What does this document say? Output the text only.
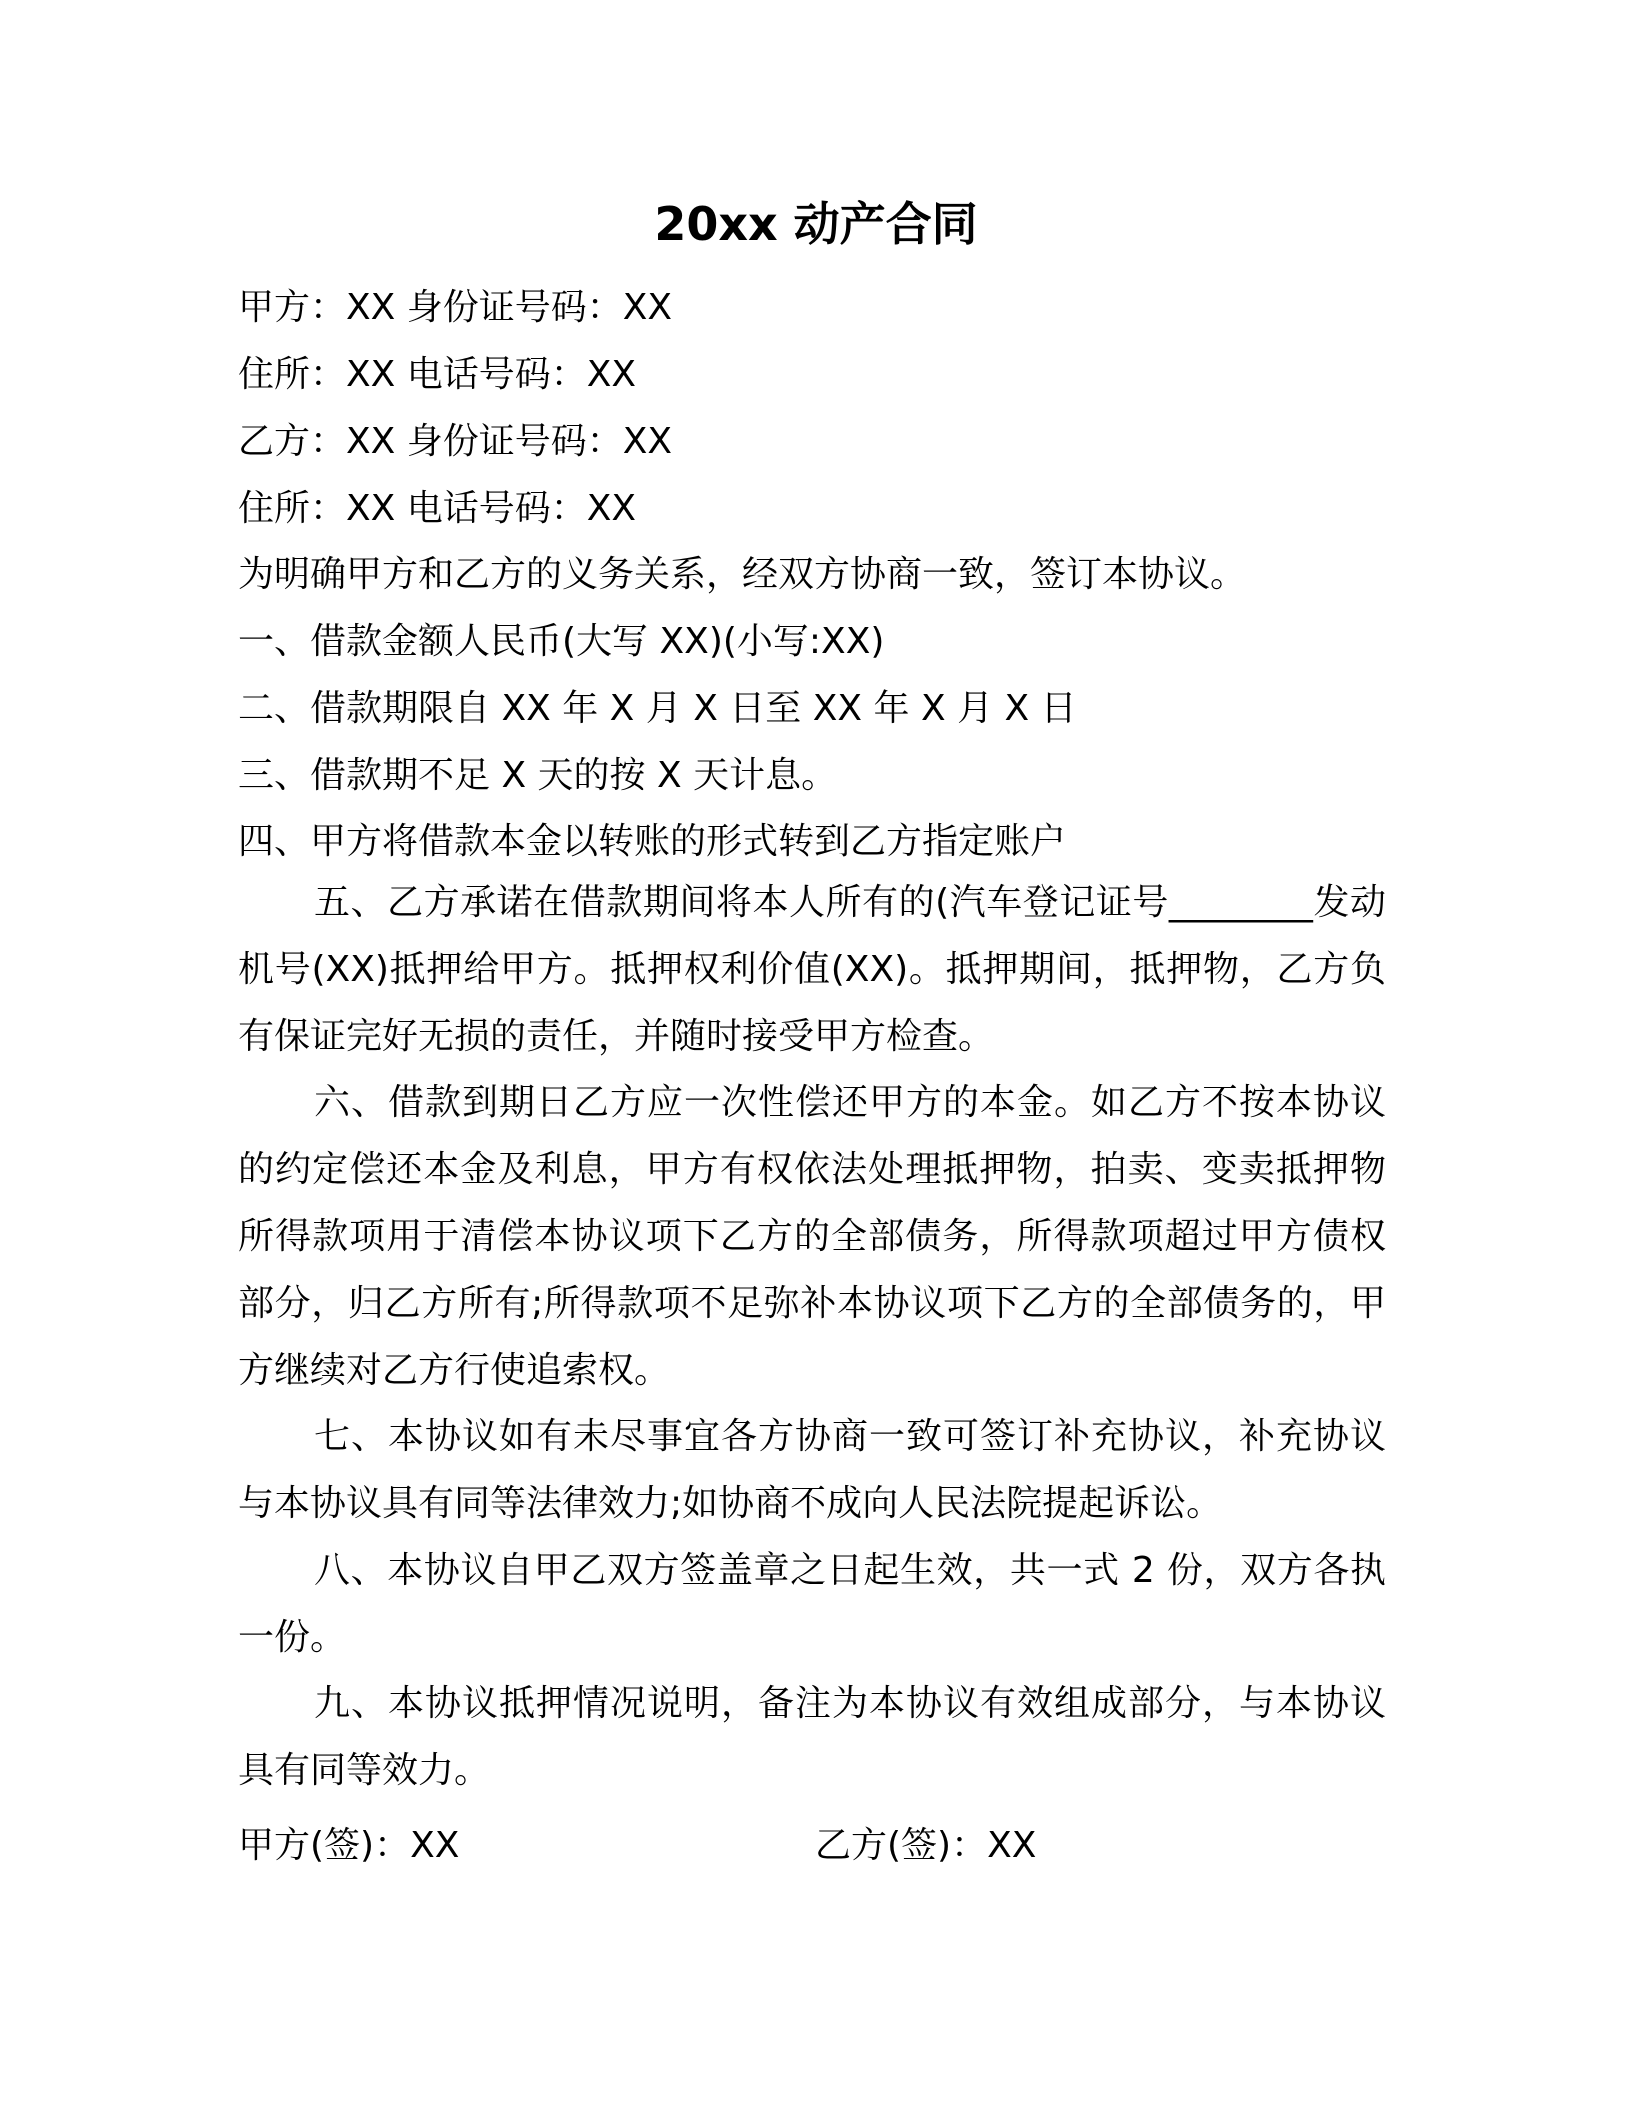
20xx 动产合同
甲方：XX 身份证号码：XX
住所：XX 电话号码：XX
乙方：XX 身份证号码：XX
住所：XX 电话号码：XX
为明确甲方和乙方的义务关系，经双方协商一致，签订本协议。
一、借款金额人民币(大写 XX)(小写:XX)
二、借款期限自 XX 年 X 月 X 日至 XX 年 X 月 X 日
三、借款期不足 X 天的按 X 天计息。
四、甲方将借款本金以转账的形式转到乙方指定账户
五、乙方承诺在借款期间将本人所有的(汽车登记证号________发动机号(XX)抵押给甲方。抵押权利价值(XX)。抵押期间，抵押物，乙方负有保证完好无损的责任，并随时接受甲方检查。
六、借款到期日乙方应一次性偿还甲方的本金。如乙方不按本协议的约定偿还本金及利息，甲方有权依法处理抵押物，拍卖、变卖抵押物所得款项用于清偿本协议项下乙方的全部债务，所得款项超过甲方债权部分，归乙方所有;所得款项不足弥补本协议项下乙方的全部债务的，甲方继续对乙方行使追索权。
七、本协议如有未尽事宜各方协商一致可签订补充协议，补充协议与本协议具有同等法律效力;如协商不成向人民法院提起诉讼。
八、本协议自甲乙双方签盖章之日起生效，共一式 2 份，双方各执一份。
九、本协议抵押情况说明，备注为本协议有效组成部分，与本协议具有同等效力。
甲方(签)：XX	乙方(签)：XX
